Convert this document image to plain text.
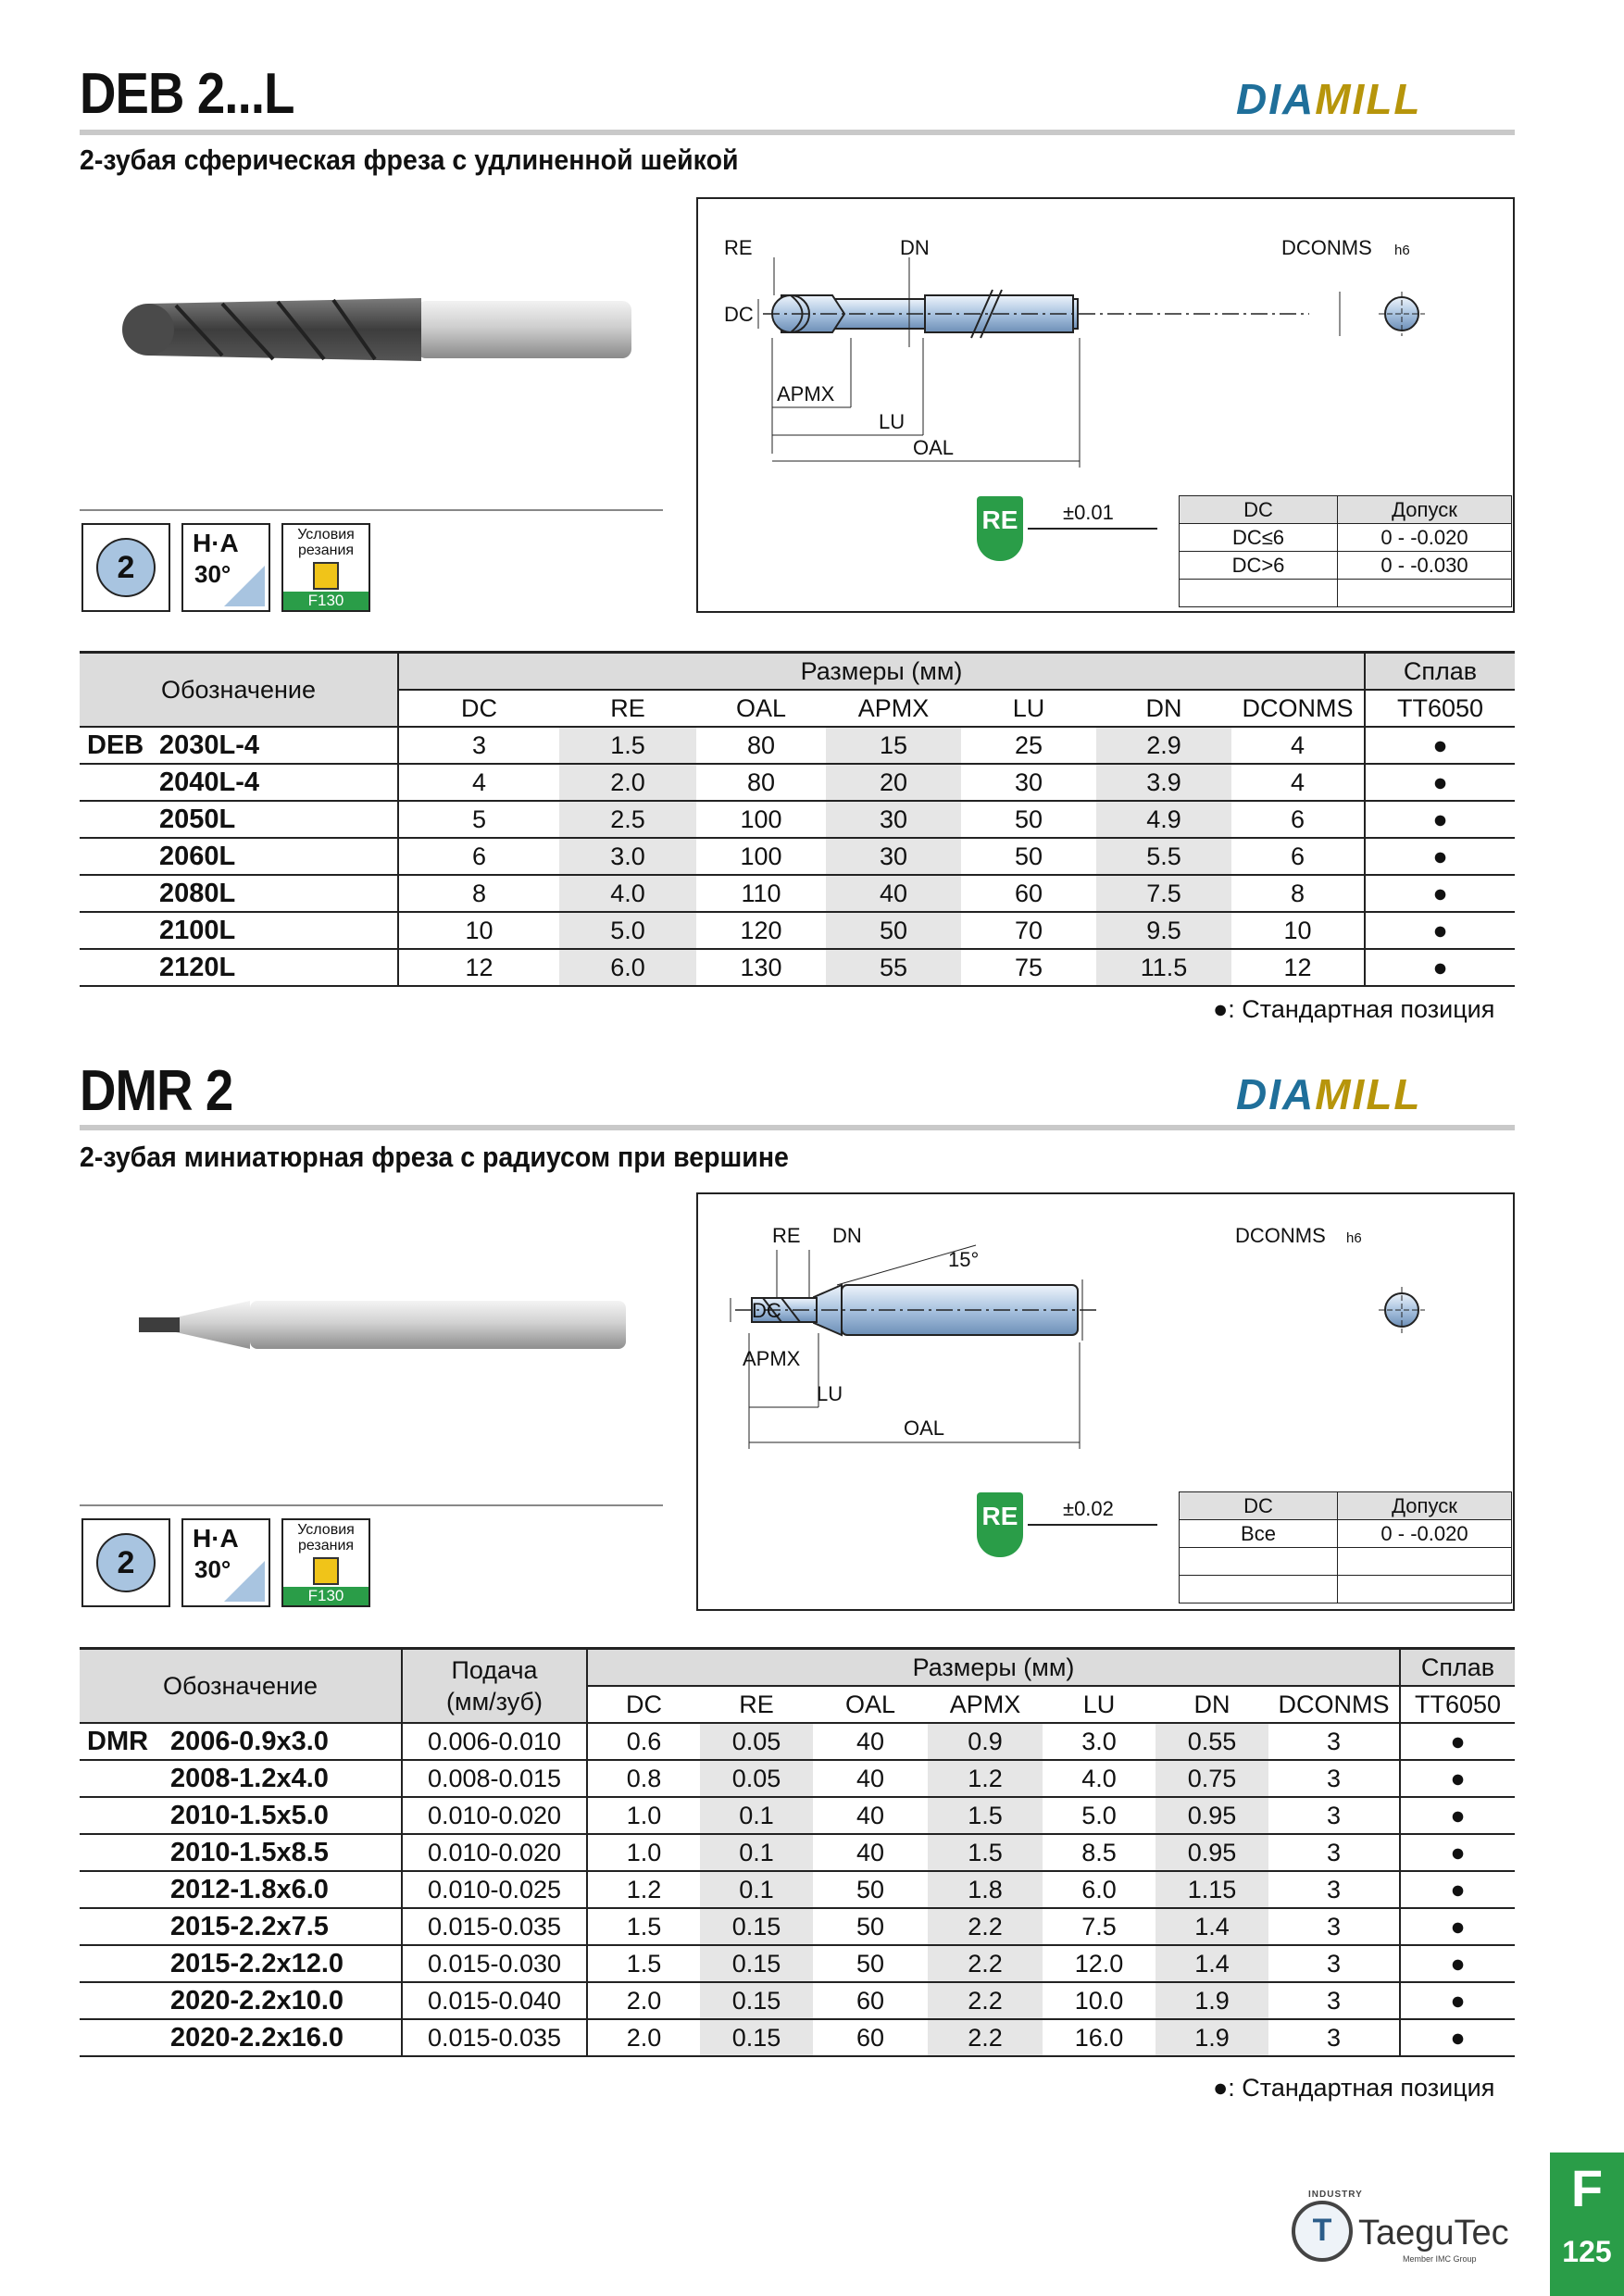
DEB 2...L	DIAMILL
2-зубая сферическая фреза с удлиненной шейкой
2
H·A
30°
Условия
резания
F130
RE	DN	DCONMS h6
DC
APMX
LU
OAL
RE ±0.01	DC	Допуск
DC≤6	0 - -0.020
DC>6	0 - -0.030

Обозначение	Размеры (мм)							Сплав
	DC	RE	OAL	APMX	LU	DN	DCONMS	TT6050
DEB 2030L-4	3	1.5	80	15	25	2.9	4	●
2040L-4	4	2.0	80	20	30	3.9	4	●
2050L	5	2.5	100	30	50	4.9	6	●
2060L	6	3.0	100	30	50	5.5	6	●
2080L	8	4.0	110	40	60	7.5	8	●
2100L	10	5.0	120	50	70	9.5	10	●
2120L	12	6.0	130	55	75	11.5	12	●
●: Стандартная позиция
DMR 2	DIAMILL
2-зубая миниатюрная фреза с радиусом при вершине
2
H·A
30°
Условия
резания
F130
RE DN
15°
DCONMS h6
DC
APMX
LU
OAL
RE ±0.02	DC	Допуск
Все	0 - -0.020

Обозначение	Подача
(мм/зуб)	Размеры (мм)							Сплав
		DC	RE	OAL	APMX	LU	DN	DCONMS	TT6050
DMR 2006-0.9x3.0	0.006-0.010	0.6	0.05	40	0.9	3.0	0.55	3	●
2008-1.2x4.0	0.008-0.015	0.8	0.05	40	1.2	4.0	0.75	3	●
2010-1.5x5.0	0.010-0.020	1.0	0.1	40	1.5	5.0	0.95	3	●
2010-1.5x8.5	0.010-0.020	1.0	0.1	40	1.5	8.5	0.95	3	●
2012-1.8x6.0	0.010-0.025	1.2	0.1	50	1.8	6.0	1.15	3	●
2015-2.2x7.5	0.015-0.035	1.5	0.15	50	2.2	7.5	1.4	3	●
2015-2.2x12.0	0.015-0.030	1.5	0.15	50	2.2	12.0	1.4	3	●
2020-2.2x10.0	0.015-0.040	2.0	0.15	60	2.2	10.0	1.9	3	●
2020-2.2x16.0	0.015-0.035	2.0	0.15	60	2.2	16.0	1.9	3	●
●: Стандартная позиция
F
125
INDUSTRY
T TaeguTec
Member IMC Group
